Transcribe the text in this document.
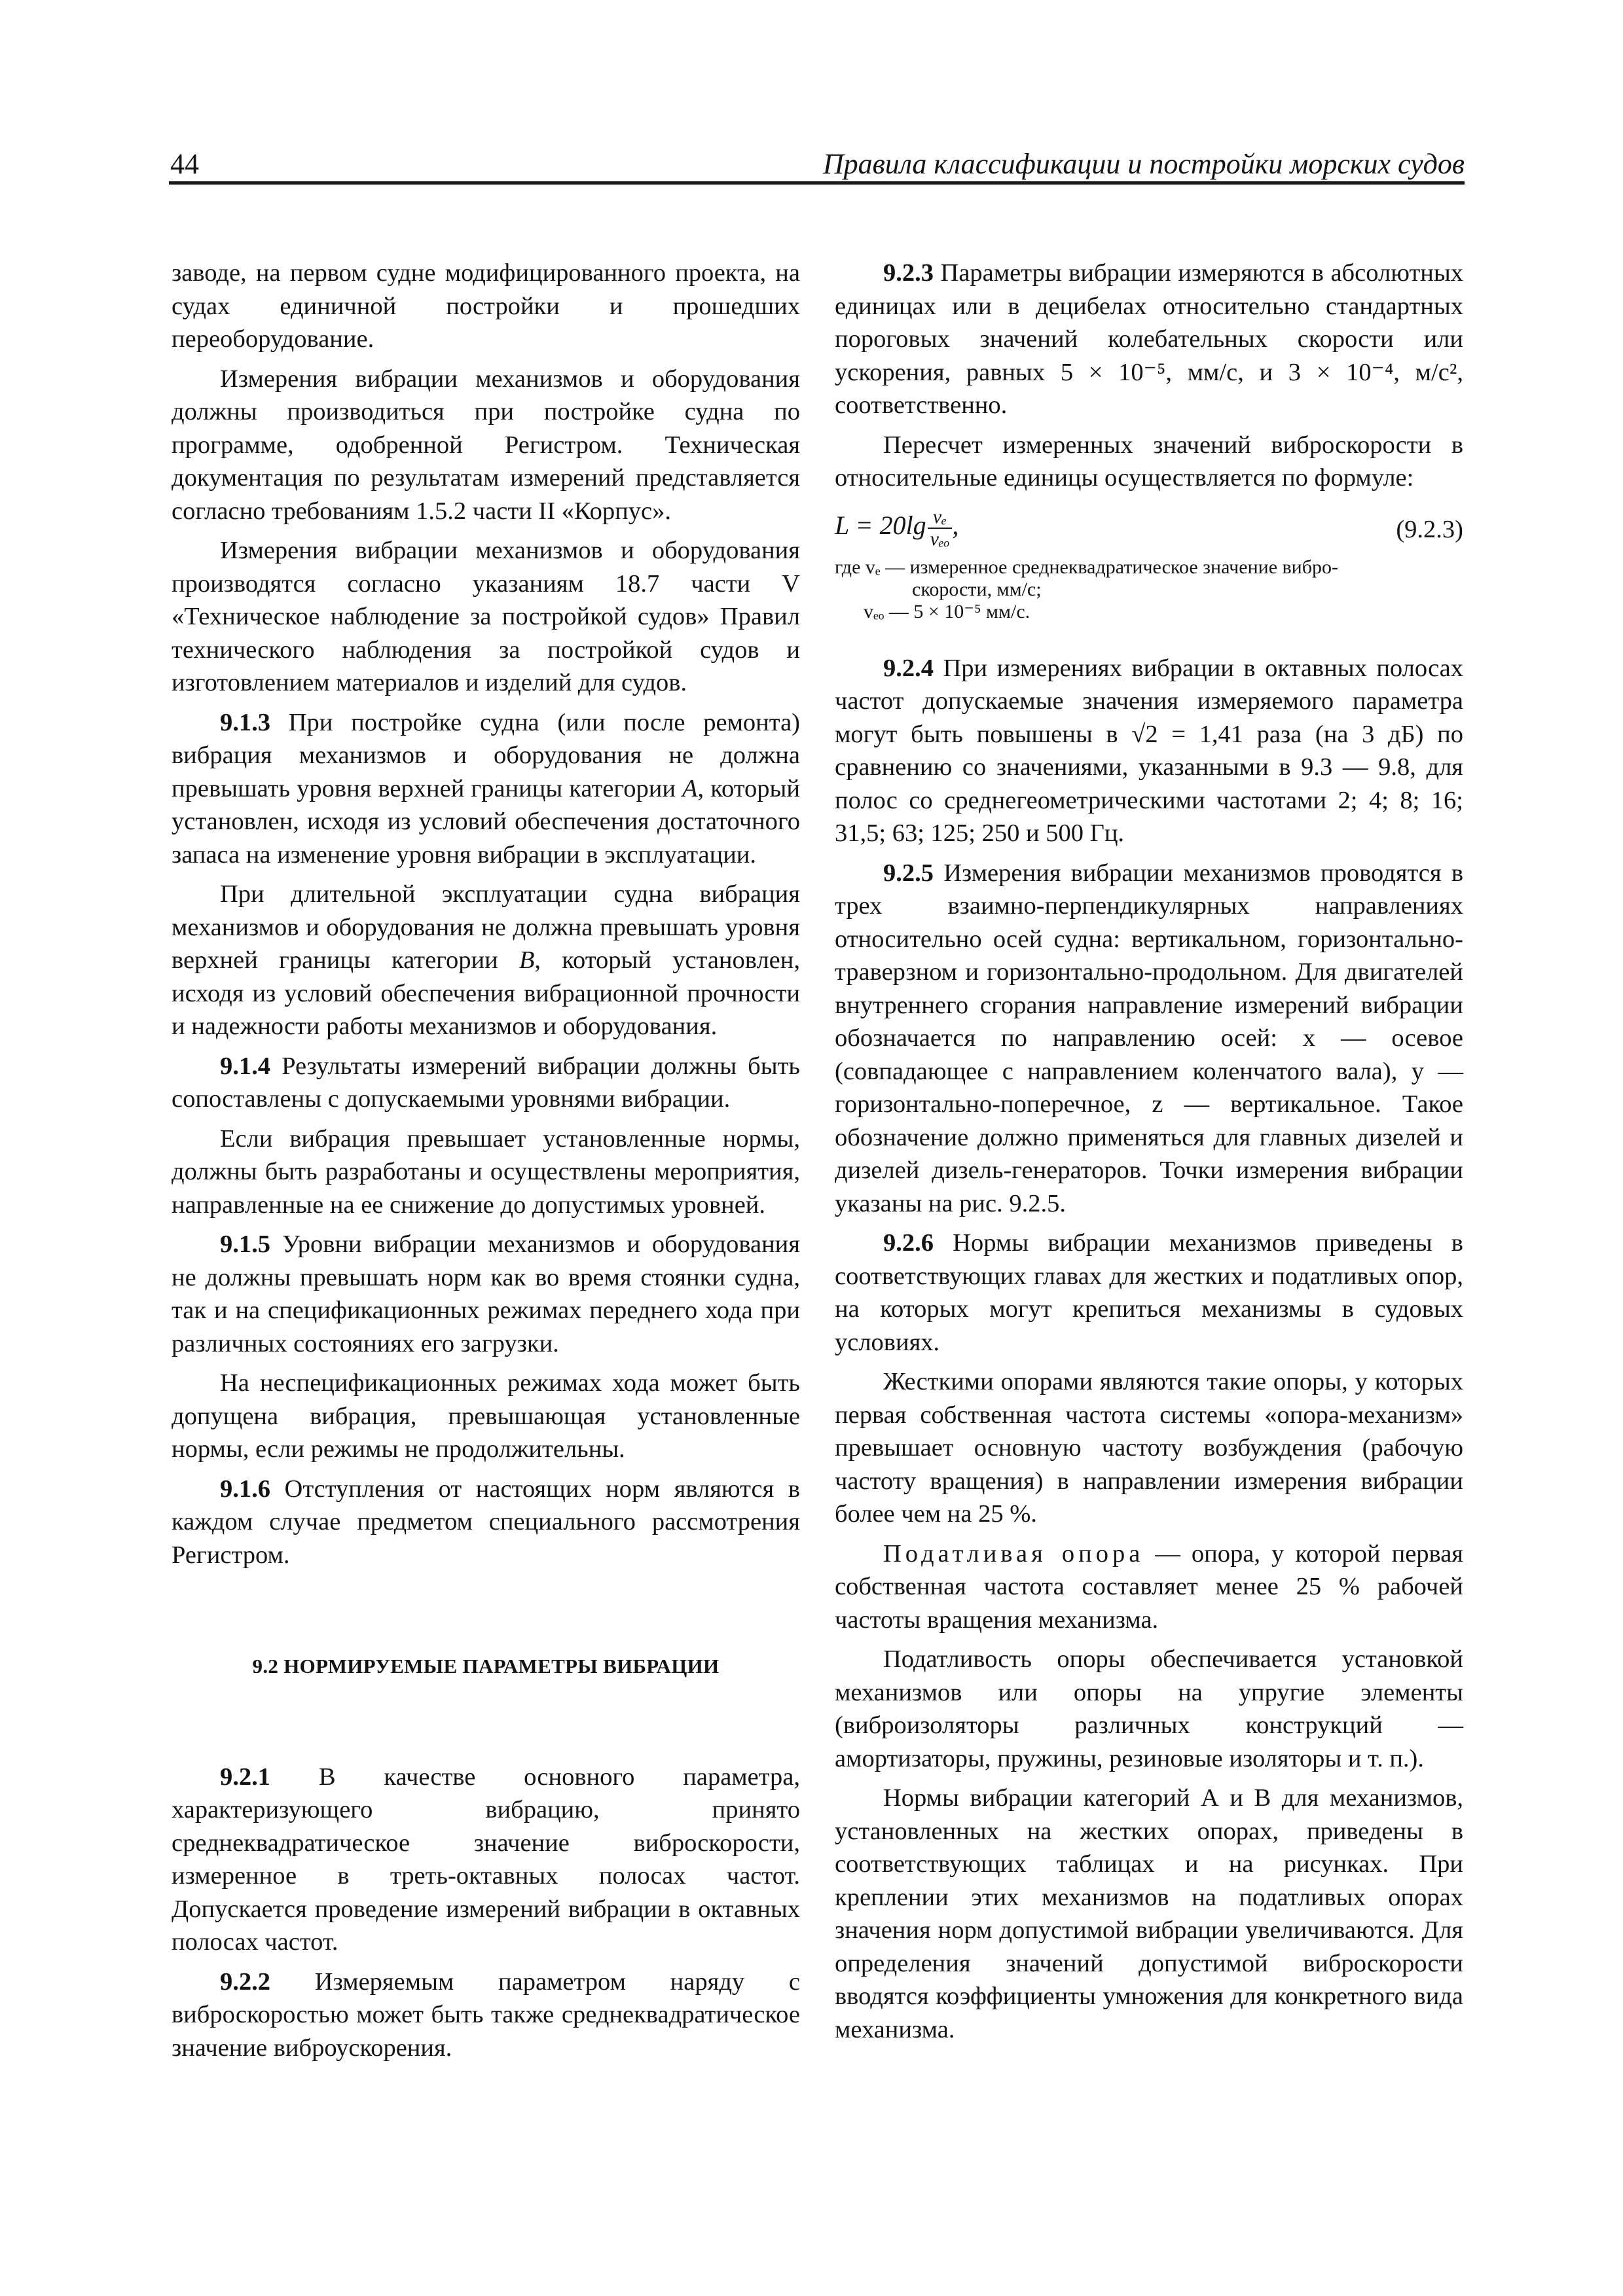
44	Правила классификации и постройки морских судов

заводе, на первом судне модифицированного проекта, на судах единичной постройки и прошедших переоборудование.

Измерения вибрации механизмов и оборудования должны производиться при постройке судна по программе, одобренной Регистром. Техническая документация по результатам измерений представляется согласно требованиям 1.5.2 части II «Корпус».

Измерения вибрации механизмов и оборудования производятся согласно указаниям 18.7 части V «Техническое наблюдение за постройкой судов» Правил технического наблюдения за постройкой судов и изготовлением материалов и изделий для судов.

9.1.3 При постройке судна (или после ремонта) вибрация механизмов и оборудования не должна превышать уровня верхней границы категории A, который установлен, исходя из условий обеспечения достаточного запаса на изменение уровня вибрации в эксплуатации.

При длительной эксплуатации судна вибрация механизмов и оборудования не должна превышать уровня верхней границы категории B, который установлен, исходя из условий обеспечения вибрационной прочности и надежности работы механизмов и оборудования.

9.1.4 Результаты измерений вибрации должны быть сопоставлены с допускаемыми уровнями вибрации.

Если вибрация превышает установленные нормы, должны быть разработаны и осуществлены мероприятия, направленные на ее снижение до допустимых уровней.

9.1.5 Уровни вибрации механизмов и оборудования не должны превышать норм как во время стоянки судна, так и на спецификационных режимах переднего хода при различных состояниях его загрузки.

На неспецификационных режимах хода может быть допущена вибрация, превышающая установленные нормы, если режимы не продолжительны.

9.1.6 Отступления от настоящих норм являются в каждом случае предметом специального рассмотрения Регистром.

9.2 НОРМИРУЕМЫЕ ПАРАМЕТРЫ ВИБРАЦИИ

9.2.1 В качестве основного параметра, характеризующего вибрацию, принято среднеквадратическое значение виброскорости, измеренное в треть-октавных полосах частот. Допускается проведение измерений вибрации в октавных полосах частот.

9.2.2 Измеряемым параметром наряду с виброскоростью может быть также среднеквадратическое значение виброускорения.

9.2.3 Параметры вибрации измеряются в абсолютных единицах или в децибелах относительно стандартных пороговых значений колебательных скорости или ускорения, равных 5 × 10⁻⁵, мм/с, и 3 × 10⁻⁴, м/с², соответственно.

Пересчет измеренных значений виброскорости в относительные единицы осуществляется по формуле:

$L = 20\lg \frac{\text{vₑ}}{\text{vₑₒ}}$ ,	(9.2.3)
где vₑ — измеренное среднеквадратическое значение вибро-
скорости, мм/с;
vₑₒ — 5 × 10⁻⁵ мм/с.

9.2.4 При измерениях вибрации в октавных полосах частот допускаемые значения измеряемого параметра могут быть повышены в √2 = 1,41 раза (на 3 дБ) по сравнению со значениями, указанными в 9.3 — 9.8, для полос со среднегеометрическими частотами 2; 4; 8; 16; 31,5; 63; 125; 250 и 500 Гц.

9.2.5 Измерения вибрации механизмов проводятся в трех взаимно-перпендикулярных направлениях относительно осей судна: вертикальном, горизонтально-траверзном и горизонтально-продольном. Для двигателей внутреннего сгорания направление измерений вибрации обозначается по направлению осей: x — осевое (совпадающее с направлением коленчатого вала), y — горизонтально-поперечное, z — вертикальное. Такое обозначение должно применяться для главных дизелей и дизелей дизель-генераторов. Точки измерения вибрации указаны на рис. 9.2.5.

9.2.6 Нормы вибрации механизмов приведены в соответствующих главах для жестких и податливых опор, на которых могут крепиться механизмы в судовых условиях.

Жесткими опорами являются такие опоры, у которых первая собственная частота системы «опора-механизм» превышает основную частоту возбуждения (рабочую частоту вращения) в направлении измерения вибрации более чем на 25 %.

Податливая опора — опора, у которой первая собственная частота составляет менее 25 % рабочей частоты вращения механизма.

Податливость опоры обеспечивается установкой механизмов или опоры на упругие элементы (виброизоляторы различных конструкций — амортизаторы, пружины, резиновые изоляторы и т. п.).

Нормы вибрации категорий А и В для механизмов, установленных на жестких опорах, приведены в соответствующих таблицах и на рисунках. При креплении этих механизмов на податливых опорах значения норм допустимой вибрации увеличиваются. Для определения значений допустимой виброскорости вводятся коэффициенты умножения для конкретного вида механизма.
